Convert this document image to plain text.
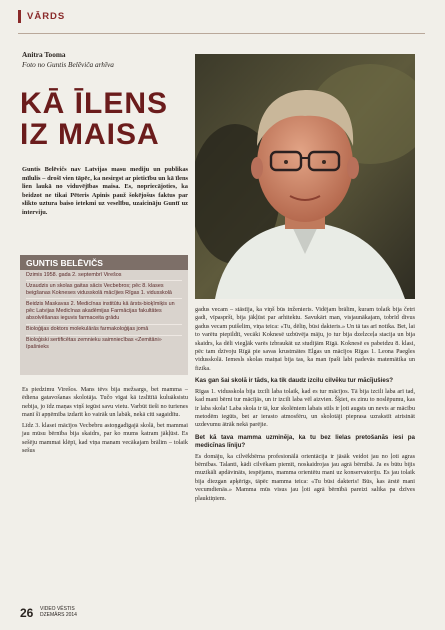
VĀRDS
Anitra Tooma
Foto no Guntis Belēviča arhīva
KĀ ĪLENS
IZ MAISA

Guntis Belēvičs nav Latvijas masu mediju un publikas mīlulis – drošī vien tāpēc, ka nesirgst ar pieticību un kā īlens lien laukā no viduvējības maisa. Es, nopriecājoties, ka beidzot ne tikai Pēteris Apinis pauž šokējošus faktus par slikto uztura baiso ietekmi uz veselību, uzaicināju Guntī uz interviju.

GUNTIS BELĒVIČS
Dzimis 1958. gada 2. septembrī Virešos
Uzaudzis un skolas gaitas sācis Vecbebros; pēc 8. klases beigšanas Kokneses vidusskolā mācījies Rīgas 1. vidusskolā
Beidzis Maskavas 2. Medicīnas institūtu kā ārsts-bioķīmiķis un pēc Latvijas Medicīnas akadēmijas Farmācijas fakultātes absolvēšanas ieguvis farmaceita grādu
Bioloģijas doktors molekulārās farmakoloģijas jomā
Bioloģiski sertificētas zemnieku saimniecības «Zemitāni» īpašnieks

Es piedzimu Virešos. Mans tēvs bija mežsargs, bet mamma – ēdiena gatavošanas skolotāja. Tučo vīgai kā izslītītā kuluāksistu nebija, jo īdz maņas viņš iegūst savu vietu. Varbūt tieši no turienes manī šī apņēmība izdarīt ko vairāk un labāk, nekā citi sagaidītu.

Līdz 3. klasei mācījos Vecbebru astoņgadīgajā skolā, bet mammai jau mūsu bērnība bija skaidrs, par ko mums katram jākļūst. Es sešēju mammai klēpī, kad viņa manam vecākajam brālim – tolaik sešus

gadus vecam – stāstīja, ka viņš būs inženieris. Vidējam brālim, kuram tolaik bija četri gadi, vīpaspršt, bija jākļūst par arhitektu. Savukārt man, visjaunākajam, tobrīd divus gadus vecam puišelim, viņa teica: «Tu, dēliņ, būsi dakteris.» Un tā tas arī notika. Bet, lai to varētu piepildīt, vecāki Koknesē uzbūvēja māju, jo tur bija dzelzceļa stacija un bija skaidrs, ka dēli viegļāk varēs izbraukāt uz studijām Rīgā. Koknesē es pabeidzu 8. klasi, pēc tam dzīvoju Rīgā pie savas krustmātes Elgas un mācījos Rīgas 1. Leona Paegles vidusskolā. Iemesls skolas maiņai bija tas, ka man īpaši labi padevās matemātika un fizika.

Kas gan šai skolā ir tāds, ka tik daudz izcilu cilvēku tur mācījušies?

Rīgas 1. vidusskola bija izcili laba tolaik, kad es tur mācījos. Tā bija izcili laba arī tad, kad mani bērni tur mācījās, un ir izcili laba vēl aizvien. Šķiet, es zinu to noslēpumu, kas ir laba skola! Laba skola ir tā, kur skolēniem labais stils ir ļoti augsts un nevis ar mācību metodēm iegūts, bet ar ierasto atmosfēru, un skolotāji pieprasa uzrakstīt atrisināt uzdevumu ātrāk nekā parējie.

Bet kā tava mamma uzminēja, ka tu bez lielas pretošanās iesi pa medicīnas līniju?

Es domāju, ka cilvēkbērna profesionālā orientācija ir jāsāk veidot jau no ļoti agras bērnības. Talanti, kādi cilvēkam piemīt, noskaidrojas jau agrā bērnībā. Ja es būtu bijis muzikāli apdāvināts, iespējams, mamma orientētu mani uz konservatoriju. Es jau tolaik bija diezgan apķērīgs, tāpēc mamma teica: «Tu būsi dakteris! Būs, kas ārstē mani vecumdienās.» Mamma mūs visus jau ļoti agrā bērnībā pareizi salika pa dzīves plauktiņiem.

26 VIDEO VĒSTIS
DZEMĀRS 2014
